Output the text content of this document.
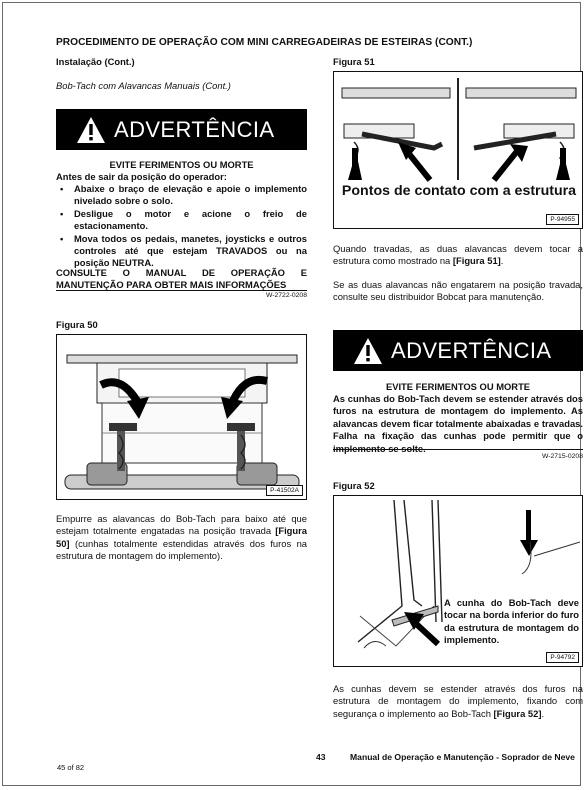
PROCEDIMENTO DE OPERAÇÃO COM MINI CARREGADEIRAS DE ESTEIRAS (CONT.)
Instalação (Cont.)
Bob-Tach com Alavancas Manuais (Cont.)
ADVERTÊNCIA
EVITE FERIMENTOS OU MORTE
Antes de sair da posição do operador:
• Abaixe o braço de elevação e apoie o implemento nivelado sobre o solo.
• Desligue o motor e acione o freio de estacionamento.
• Mova todos os pedais, manetes, joysticks e outros controles até que estejam TRAVADOS ou na posição NEUTRA.
CONSULTE O MANUAL DE OPERAÇÃO E MANUTENÇÃO PARA OBTER MAIS INFORMAÇÕES
W-2722-0208
Figura 50
P-41502A
Empurre as alavancas do Bob-Tach para baixo até que estejam totalmente engatadas na posição travada [Figura 50] (cunhas totalmente estendidas através dos furos na estrutura de montagem do implemento).
Figura 51
Pontos de contato com a estrutura
P-94955
Quando travadas, as duas alavancas devem tocar a estrutura como mostrado na [Figura 51].
Se as duas alavancas não engatarem na posição travada, consulte seu distribuidor Bobcat para manutenção.
ADVERTÊNCIA
EVITE FERIMENTOS OU MORTE
As cunhas do Bob-Tach devem se estender através dos furos na estrutura de montagem do implemento. As alavancas devem ficar totalmente abaixadas e travadas. Falha na fixação das cunhas pode permitir que o implemento se solte.
W-2715-0208
Figura 52
A cunha do Bob-Tach deve tocar na borda inferior do furo da estrutura de montagem do implemento.
P-94792
As cunhas devem se estender através dos furos na estrutura de montagem do implemento, fixando com segurança o implemento ao Bob-Tach [Figura 52].
45 of 82
43	Manual de Operação e Manutenção - Soprador de Neve
